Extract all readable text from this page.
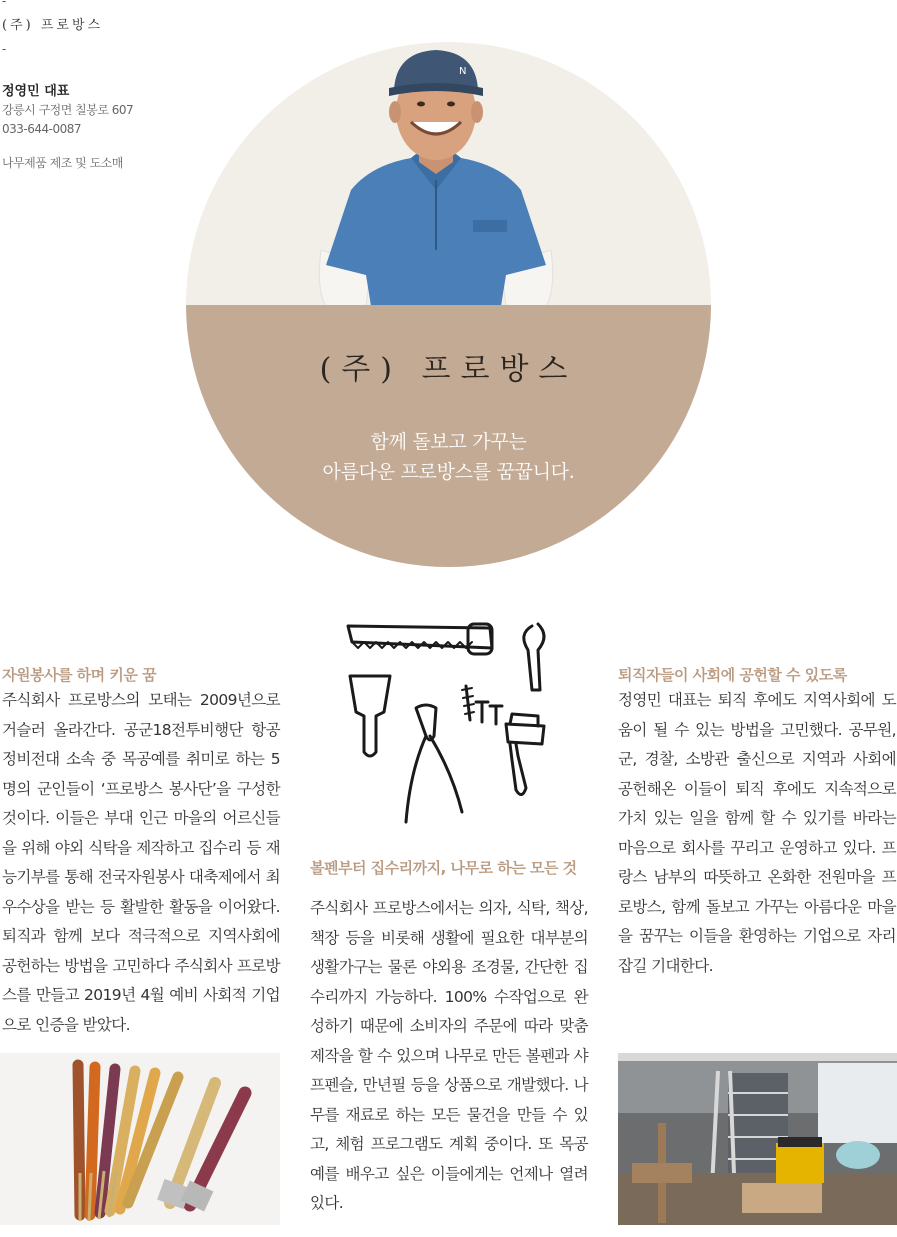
-
(주) 프로방스
-
정영민 대표
강릉시 구정면 칠봉로 607
033-644-0087
나무제품 제조 및 도소매
N
(주) 프로방스
함께 돌보고 가꾸는
아름다운 프로방스를 꿈꿉니다.
자원봉사를 하며 키운 꿈
주식회사 프로방스의 모태는 2009년으로 거슬러 올라간다. 공군18전투비행단 항공정비전대 소속 중 목공예를 취미로 하는 5명의 군인들이 ‘프로방스 봉사단’을 구성한 것이다. 이들은 부대 인근 마을의 어르신들을 위해 야외 식탁을 제작하고 집수리 등 재능기부를 통해 전국자원봉사 대축제에서 최우수상을 받는 등 활발한 활동을 이어왔다. 퇴직과 함께 보다 적극적으로 지역사회에 공헌하는 방법을 고민하다 주식회사 프로방스를 만들고 2019년 4월 예비 사회적 기업으로 인증을 받았다.
볼펜부터 집수리까지, 나무로 하는 모든 것
주식회사 프로방스에서는 의자, 식탁, 책상, 책장 등을 비롯해 생활에 필요한 대부분의 생활가구는 물론 야외용 조경물, 간단한 집수리까지 가능하다. 100% 수작업으로 완성하기 때문에 소비자의 주문에 따라 맞춤 제작을 할 수 있으며 나무로 만든 볼펜과 샤프펜슬, 만년필 등을 상품으로 개발했다. 나무를 재료로 하는 모든 물건을 만들 수 있고, 체험 프로그램도 계획 중이다. 또 목공예를 배우고 싶은 이들에게는 언제나 열려 있다.
퇴직자들이 사회에 공헌할 수 있도록
정영민 대표는 퇴직 후에도 지역사회에 도움이 될 수 있는 방법을 고민했다. 공무원, 군, 경찰, 소방관 출신으로 지역과 사회에 공헌해온 이들이 퇴직 후에도 지속적으로 가치 있는 일을 함께 할 수 있기를 바라는 마음으로 회사를 꾸리고 운영하고 있다. 프랑스 남부의 따뜻하고 온화한 전원마을 프로방스, 함께 돌보고 가꾸는 아름다운 마을을 꿈꾸는 이들을 환영하는 기업으로 자리 잡길 기대한다.
